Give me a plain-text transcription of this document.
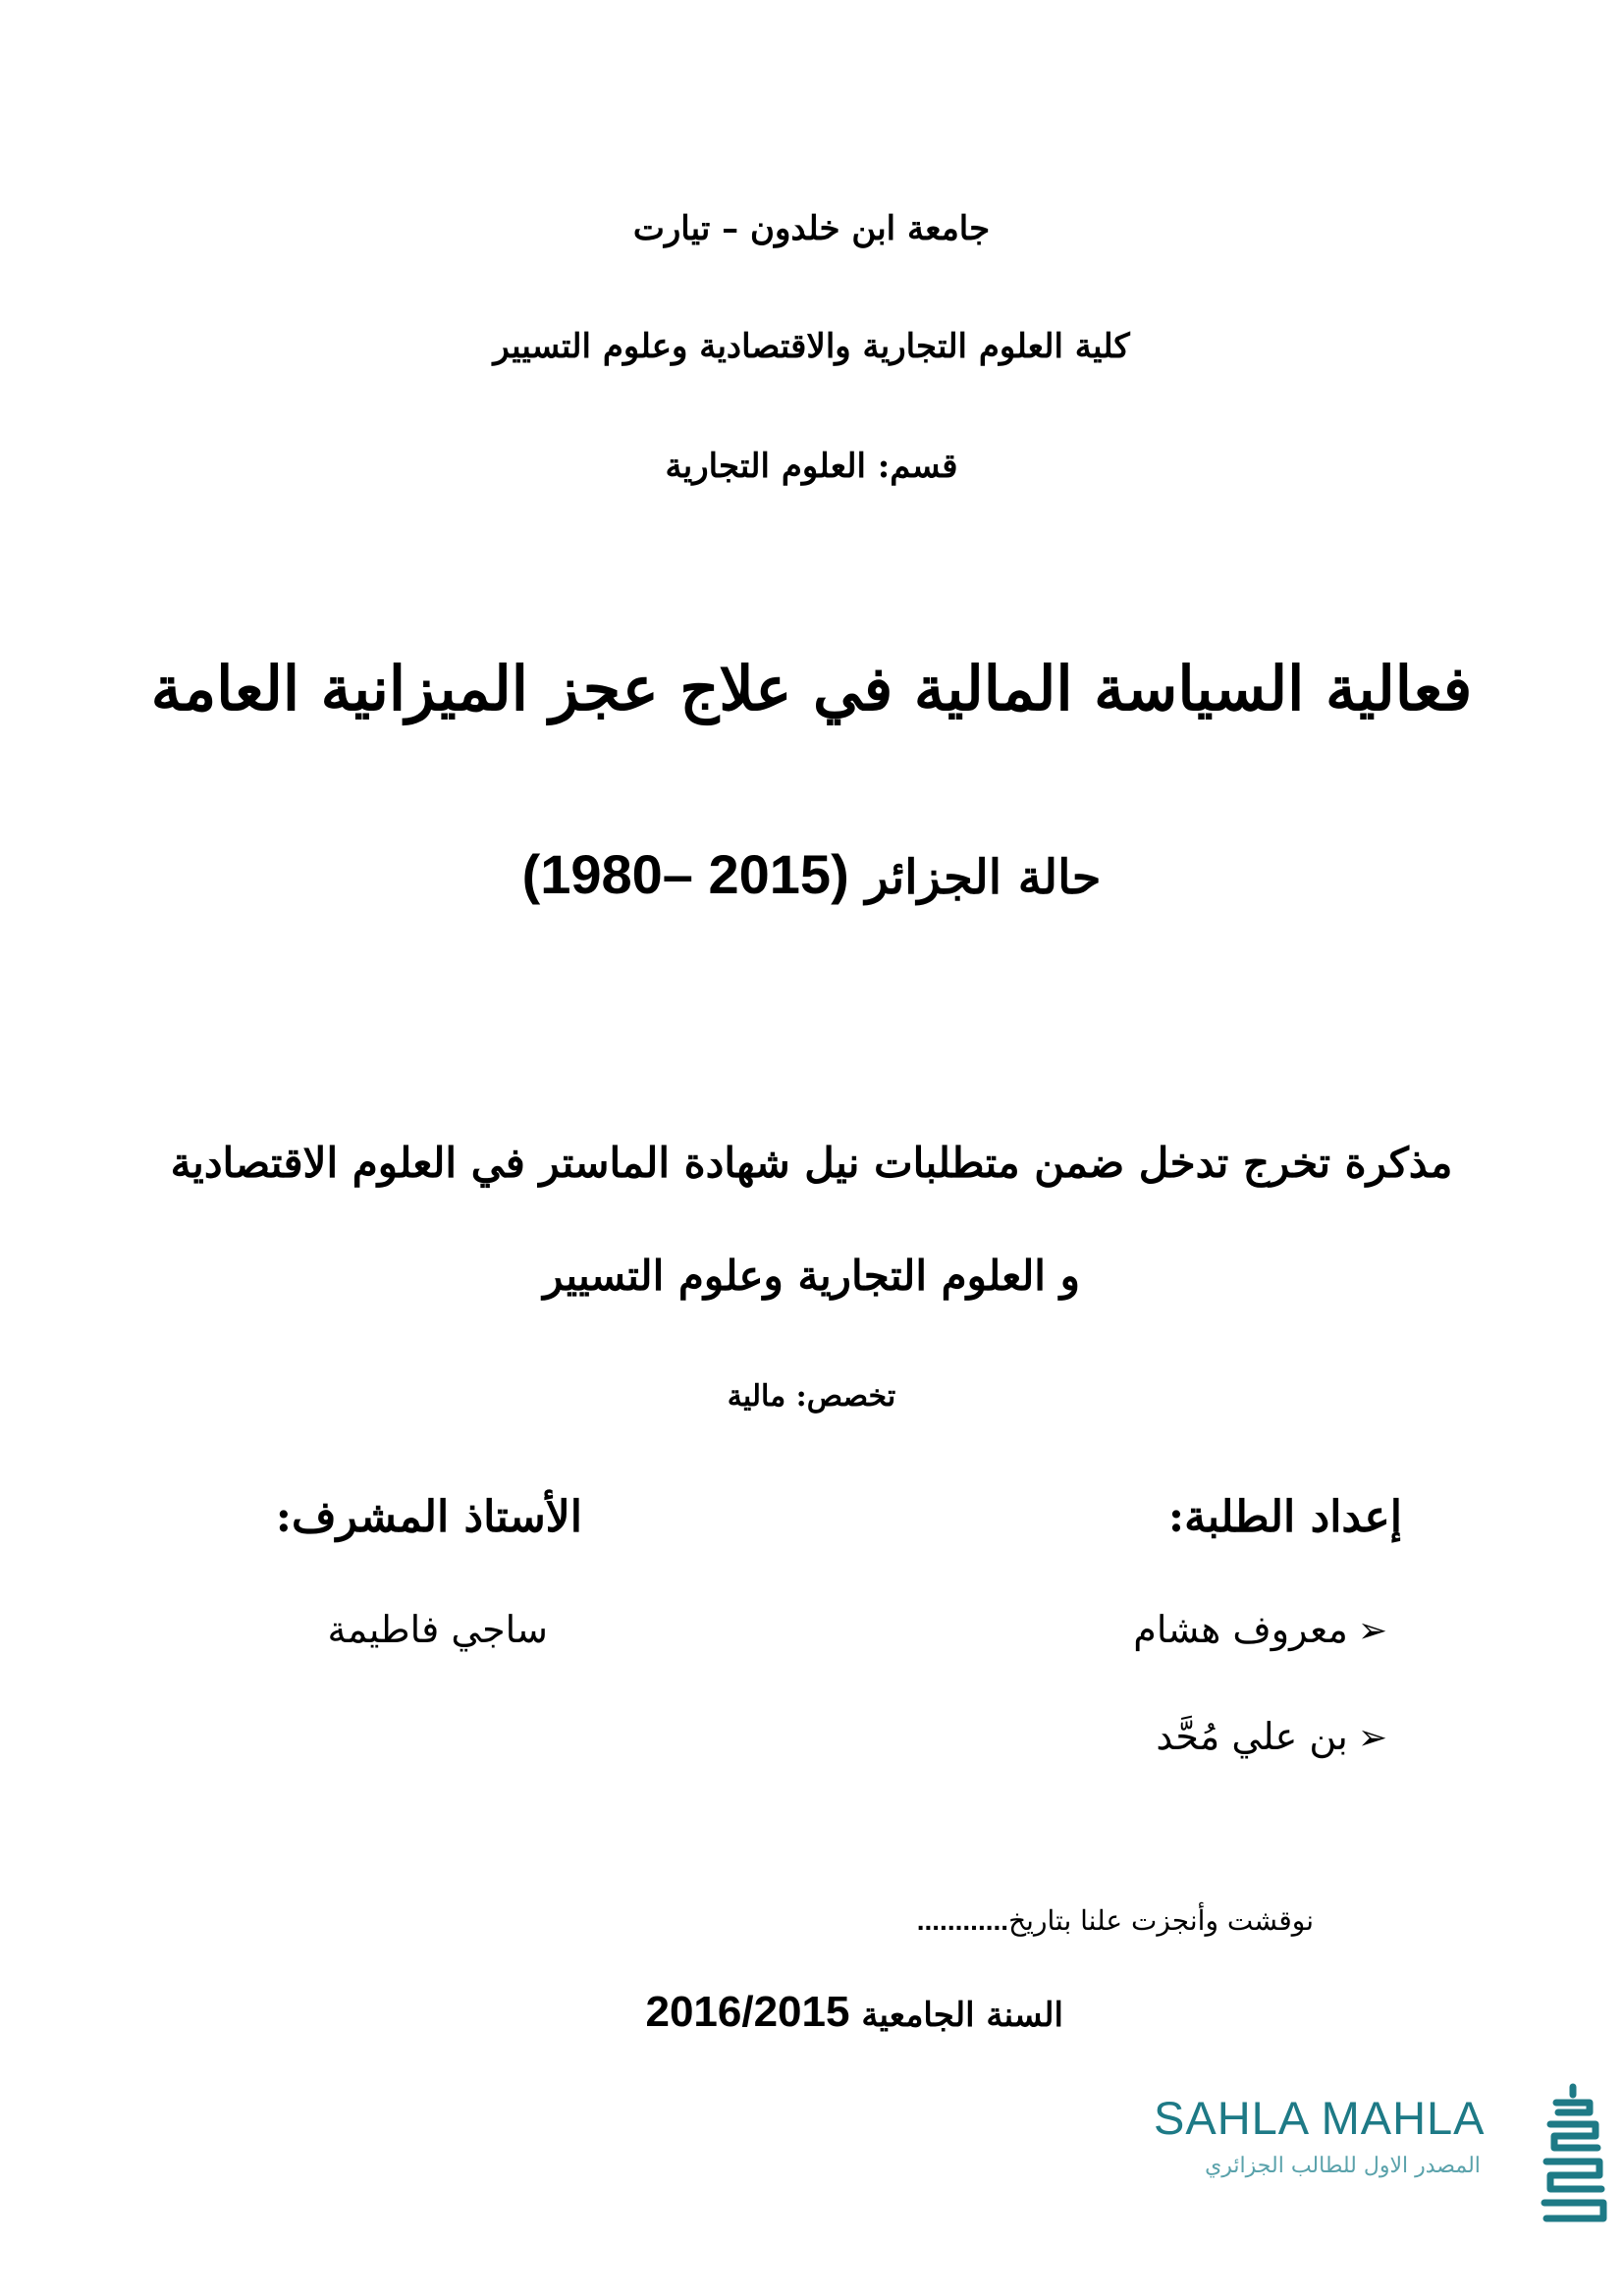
جامعة ابن خلدون – تيارت
كلية العلوم التجارية والاقتصادية وعلوم التسيير
قسم: العلوم التجارية
فعالية السياسة المالية في علاج عجز الميزانية العامة
حالة الجزائر (1980– 2015)
مذكرة تخرج تدخل ضمن متطلبات نيل شهادة الماستر في العلوم الاقتصادية
و العلوم التجارية وعلوم التسيير
تخصص: مالية
إعداد الطلبة:
الأستاذ المشرف:
➢معروف هشام
➢بن علي مُحَّد
ساجي فاطيمة
نوقشت وأنجزت علنا بتاريخ............
السنة الجامعية 2016/2015
SAHLA MAHLA
المصدر الاول للطالب الجزائري
